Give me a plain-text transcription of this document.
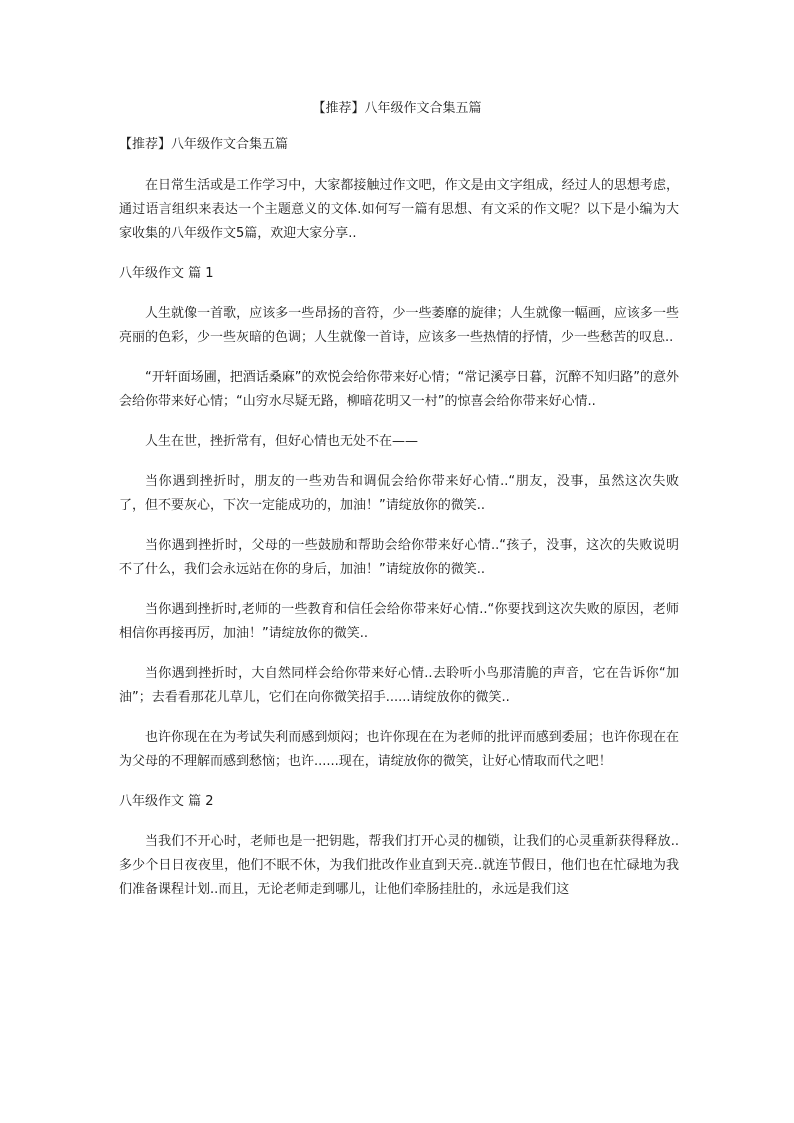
【推荐】八年级作文合集五篇

【推荐】八年级作文合集五篇

在日常生活或是工作学习中，大家都接触过作文吧，作文是由文字组成，经过人的思想考虑，通过语言组织来表达一个主题意义的文体.如何写一篇有思想、有文采的作文呢？以下是小编为大家收集的八年级作文5篇，欢迎大家分享..

八年级作文 篇 1

人生就像一首歌，应该多一些昂扬的音符，少一些萎靡的旋律；人生就像一幅画，应该多一些亮丽的色彩，少一些灰暗的色调；人生就像一首诗，应该多一些热情的抒情，少一些愁苦的叹息..

“开轩面场圃，把酒话桑麻”的欢悦会给你带来好心情；“常记溪亭日暮，沉醉不知归路”的意外会给你带来好心情；“山穷水尽疑无路，柳暗花明又一村”的惊喜会给你带来好心情..

人生在世，挫折常有，但好心情也无处不在——

当你遇到挫折时，朋友的一些劝告和调侃会给你带来好心情..“朋友，没事，虽然这次失败了，但不要灰心，下次一定能成功的，加油！”请绽放你的微笑..

当你遇到挫折时，父母的一些鼓励和帮助会给你带来好心情..“孩子，没事，这次的失败说明不了什么，我们会永远站在你的身后，加油！”请绽放你的微笑..

当你遇到挫折时,老师的一些教育和信任会给你带来好心情..“你要找到这次失败的原因，老师相信你再接再厉，加油！”请绽放你的微笑..

当你遇到挫折时，大自然同样会给你带来好心情..去聆听小鸟那清脆的声音，它在告诉你“加油”；去看看那花儿草儿，它们在向你微笑招手......请绽放你的微笑..

也许你现在在为考试失利而感到烦闷；也许你现在在为老师的批评而感到委屈；也许你现在在为父母的不理解而感到愁恼；也许......现在，请绽放你的微笑，让好心情取而代之吧！

八年级作文 篇 2

当我们不开心时，老师也是一把钥匙，帮我们打开心灵的枷锁，让我们的心灵重新获得释放..多少个日日夜夜里，他们不眠不休，为我们批改作业直到天亮..就连节假日，他们也在忙碌地为我们准备课程计划..而且，无论老师走到哪儿，让他们牵肠挂肚的，永远是我们这
